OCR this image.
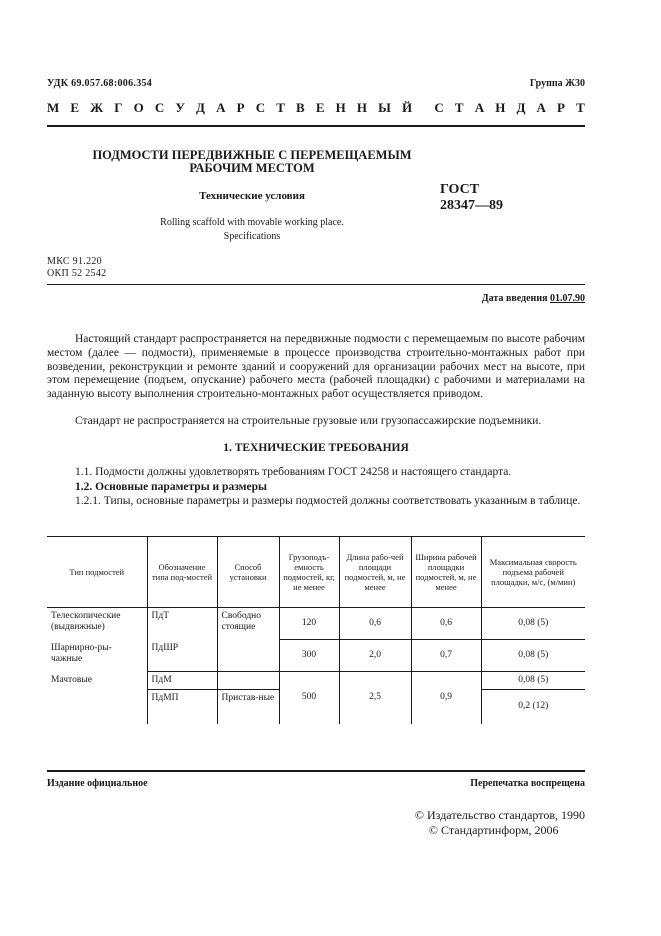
УДК 69.057.68:006.354	Группа Ж30
М Е Ж Г О С У Д А Р С Т В Е Н Н Ы Й С Т А Н Д А Р Т
ПОДМОСТИ ПЕРЕДВИЖНЫЕ С ПЕРЕМЕЩАЕМЫМ
РАБОЧИМ МЕСТОМ
Технические условия	ГОСТ
28347—89
Rolling scaffold with movable working place.
Specifications
МКС 91.220
ОКП 52 2542
Дата введения 01.07.90
Настоящий стандарт распространяется на передвижные подмости с перемещаемым по высоте рабочим местом (далее — подмости), применяемые в процессе производства строительно-монтажных работ при возведении, реконструкции и ремонте зданий и сооружений для организации рабочих мест на высоте, при этом перемещение (подъем, опускание) рабочего места (рабочей площадки) с рабочими и материалами на заданную высоту выполнения строительно-монтажных работ осуществляется приводом.
Стандарт не распространяется на строительные грузовые или грузопассажирские подъемники.
1. ТЕХНИЧЕСКИЕ ТРЕБОВАНИЯ
1.1. Подмости должны удовлетворять требованиям ГОСТ 24258 и настоящего стандарта.
1.2. Основные параметры и размеры
1.2.1. Типы, основные параметры и размеры подмостей должны соответствовать указанным в таблице.
Тип подмостей	Обозначение типа под-мостей	Способ установки	Грузоподъ-емность подмостей, кг, не менее	Длина рабо-чей площади подмостей, м, не менее	Ширина рабочей площадки подмостей, м, не менее	Максимальная скорость подъема рабочей площадки, м/с, (м/мин)
Телескопические (выдвижные)	ПдТ	Свободно стоящие	120	0,6	0,6	0,08 (5)
Шарнирно-ры-чажные	ПдШР		300	2,0	0,7	0,08 (5)
Мачтовые	ПдМ		500	2,5	0,9	0,08 (5)
	ПдМП	Пристав-ные				0,2 (12)
Издание официальное	Перепечатка воспрещена
© Издательство стандартов, 1990
© Стандартинформ, 2006
